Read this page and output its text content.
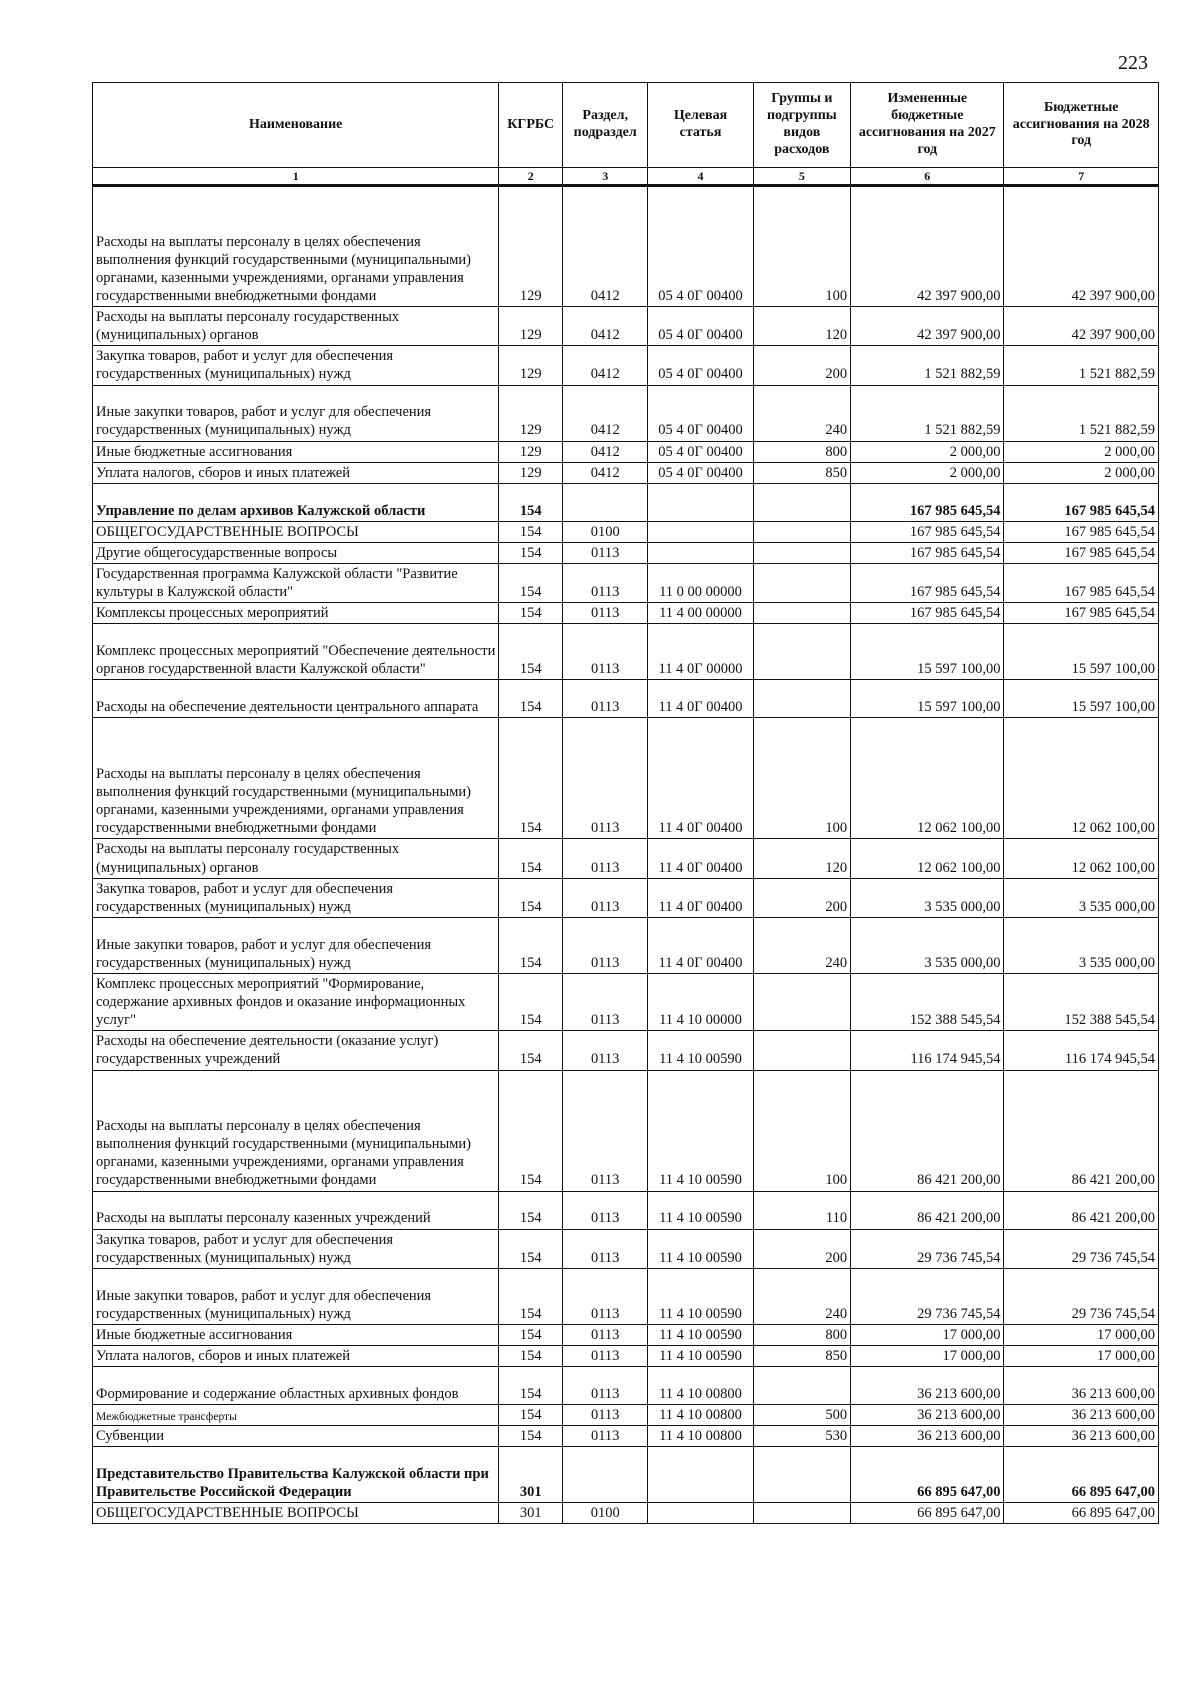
223
Наименование	КГРБС	Раздел, подраздел	Целевая статья	Группы и подгруппы видов расходов	Измененные бюджетные ассигнования на 2027 год	Бюджетные ассигнования на 2028 год
1	2	3	4	5	6	7
Расходы на выплаты персоналу в целях обеспечения выполнения функций государственными (муниципальными) органами, казенными учреждениями, органами управления государственными внебюджетными фондами	129	0412	05 4 0Г 00400	100	42 397 900,00	42 397 900,00
Расходы на выплаты персоналу государственных (муниципальных) органов	129	0412	05 4 0Г 00400	120	42 397 900,00	42 397 900,00
Закупка товаров, работ и услуг для обеспечения государственных (муниципальных) нужд	129	0412	05 4 0Г 00400	200	1 521 882,59	1 521 882,59
Иные закупки товаров, работ и услуг для обеспечения государственных (муниципальных) нужд	129	0412	05 4 0Г 00400	240	1 521 882,59	1 521 882,59
Иные бюджетные ассигнования	129	0412	05 4 0Г 00400	800	2 000,00	2 000,00
Уплата налогов, сборов и иных платежей	129	0412	05 4 0Г 00400	850	2 000,00	2 000,00
Управление по делам архивов Калужской области	154				167 985 645,54	167 985 645,54
ОБЩЕГОСУДАРСТВЕННЫЕ ВОПРОСЫ	154	0100			167 985 645,54	167 985 645,54
Другие общегосударственные вопросы	154	0113			167 985 645,54	167 985 645,54
Государственная программа Калужской области "Развитие культуры в Калужской области"	154	0113	11 0 00 00000		167 985 645,54	167 985 645,54
Комплексы процессных мероприятий	154	0113	11 4 00 00000		167 985 645,54	167 985 645,54
Комплекс процессных мероприятий "Обеспечение деятельности органов государственной власти Калужской области"	154	0113	11 4 0Г 00000		15 597 100,00	15 597 100,00
Расходы на обеспечение деятельности центрального аппарата	154	0113	11 4 0Г 00400		15 597 100,00	15 597 100,00
Расходы на выплаты персоналу в целях обеспечения выполнения функций государственными (муниципальными) органами, казенными учреждениями, органами управления государственными внебюджетными фондами	154	0113	11 4 0Г 00400	100	12 062 100,00	12 062 100,00
Расходы на выплаты персоналу государственных (муниципальных) органов	154	0113	11 4 0Г 00400	120	12 062 100,00	12 062 100,00
Закупка товаров, работ и услуг для обеспечения государственных (муниципальных) нужд	154	0113	11 4 0Г 00400	200	3 535 000,00	3 535 000,00
Иные закупки товаров, работ и услуг для обеспечения государственных (муниципальных) нужд	154	0113	11 4 0Г 00400	240	3 535 000,00	3 535 000,00
Комплекс процессных мероприятий "Формирование, содержание архивных фондов и оказание информационных услуг"	154	0113	11 4 10 00000		152 388 545,54	152 388 545,54
Расходы на обеспечение деятельности (оказание услуг) государственных учреждений	154	0113	11 4 10 00590		116 174 945,54	116 174 945,54
Расходы на выплаты персоналу в целях обеспечения выполнения функций государственными (муниципальными) органами, казенными учреждениями, органами управления государственными внебюджетными фондами	154	0113	11 4 10 00590	100	86 421 200,00	86 421 200,00
Расходы на выплаты персоналу казенных учреждений	154	0113	11 4 10 00590	110	86 421 200,00	86 421 200,00
Закупка товаров, работ и услуг для обеспечения государственных (муниципальных) нужд	154	0113	11 4 10 00590	200	29 736 745,54	29 736 745,54
Иные закупки товаров, работ и услуг для обеспечения государственных (муниципальных) нужд	154	0113	11 4 10 00590	240	29 736 745,54	29 736 745,54
Иные бюджетные ассигнования	154	0113	11 4 10 00590	800	17 000,00	17 000,00
Уплата налогов, сборов и иных платежей	154	0113	11 4 10 00590	850	17 000,00	17 000,00
Формирование и содержание областных архивных фондов	154	0113	11 4 10 00800		36 213 600,00	36 213 600,00
Межбюджетные трансферты	154	0113	11 4 10 00800	500	36 213 600,00	36 213 600,00
Субвенции	154	0113	11 4 10 00800	530	36 213 600,00	36 213 600,00
Представительство Правительства Калужской области при Правительстве Российской Федерации	301				66 895 647,00	66 895 647,00
ОБЩЕГОСУДАРСТВЕННЫЕ ВОПРОСЫ	301	0100			66 895 647,00	66 895 647,00
